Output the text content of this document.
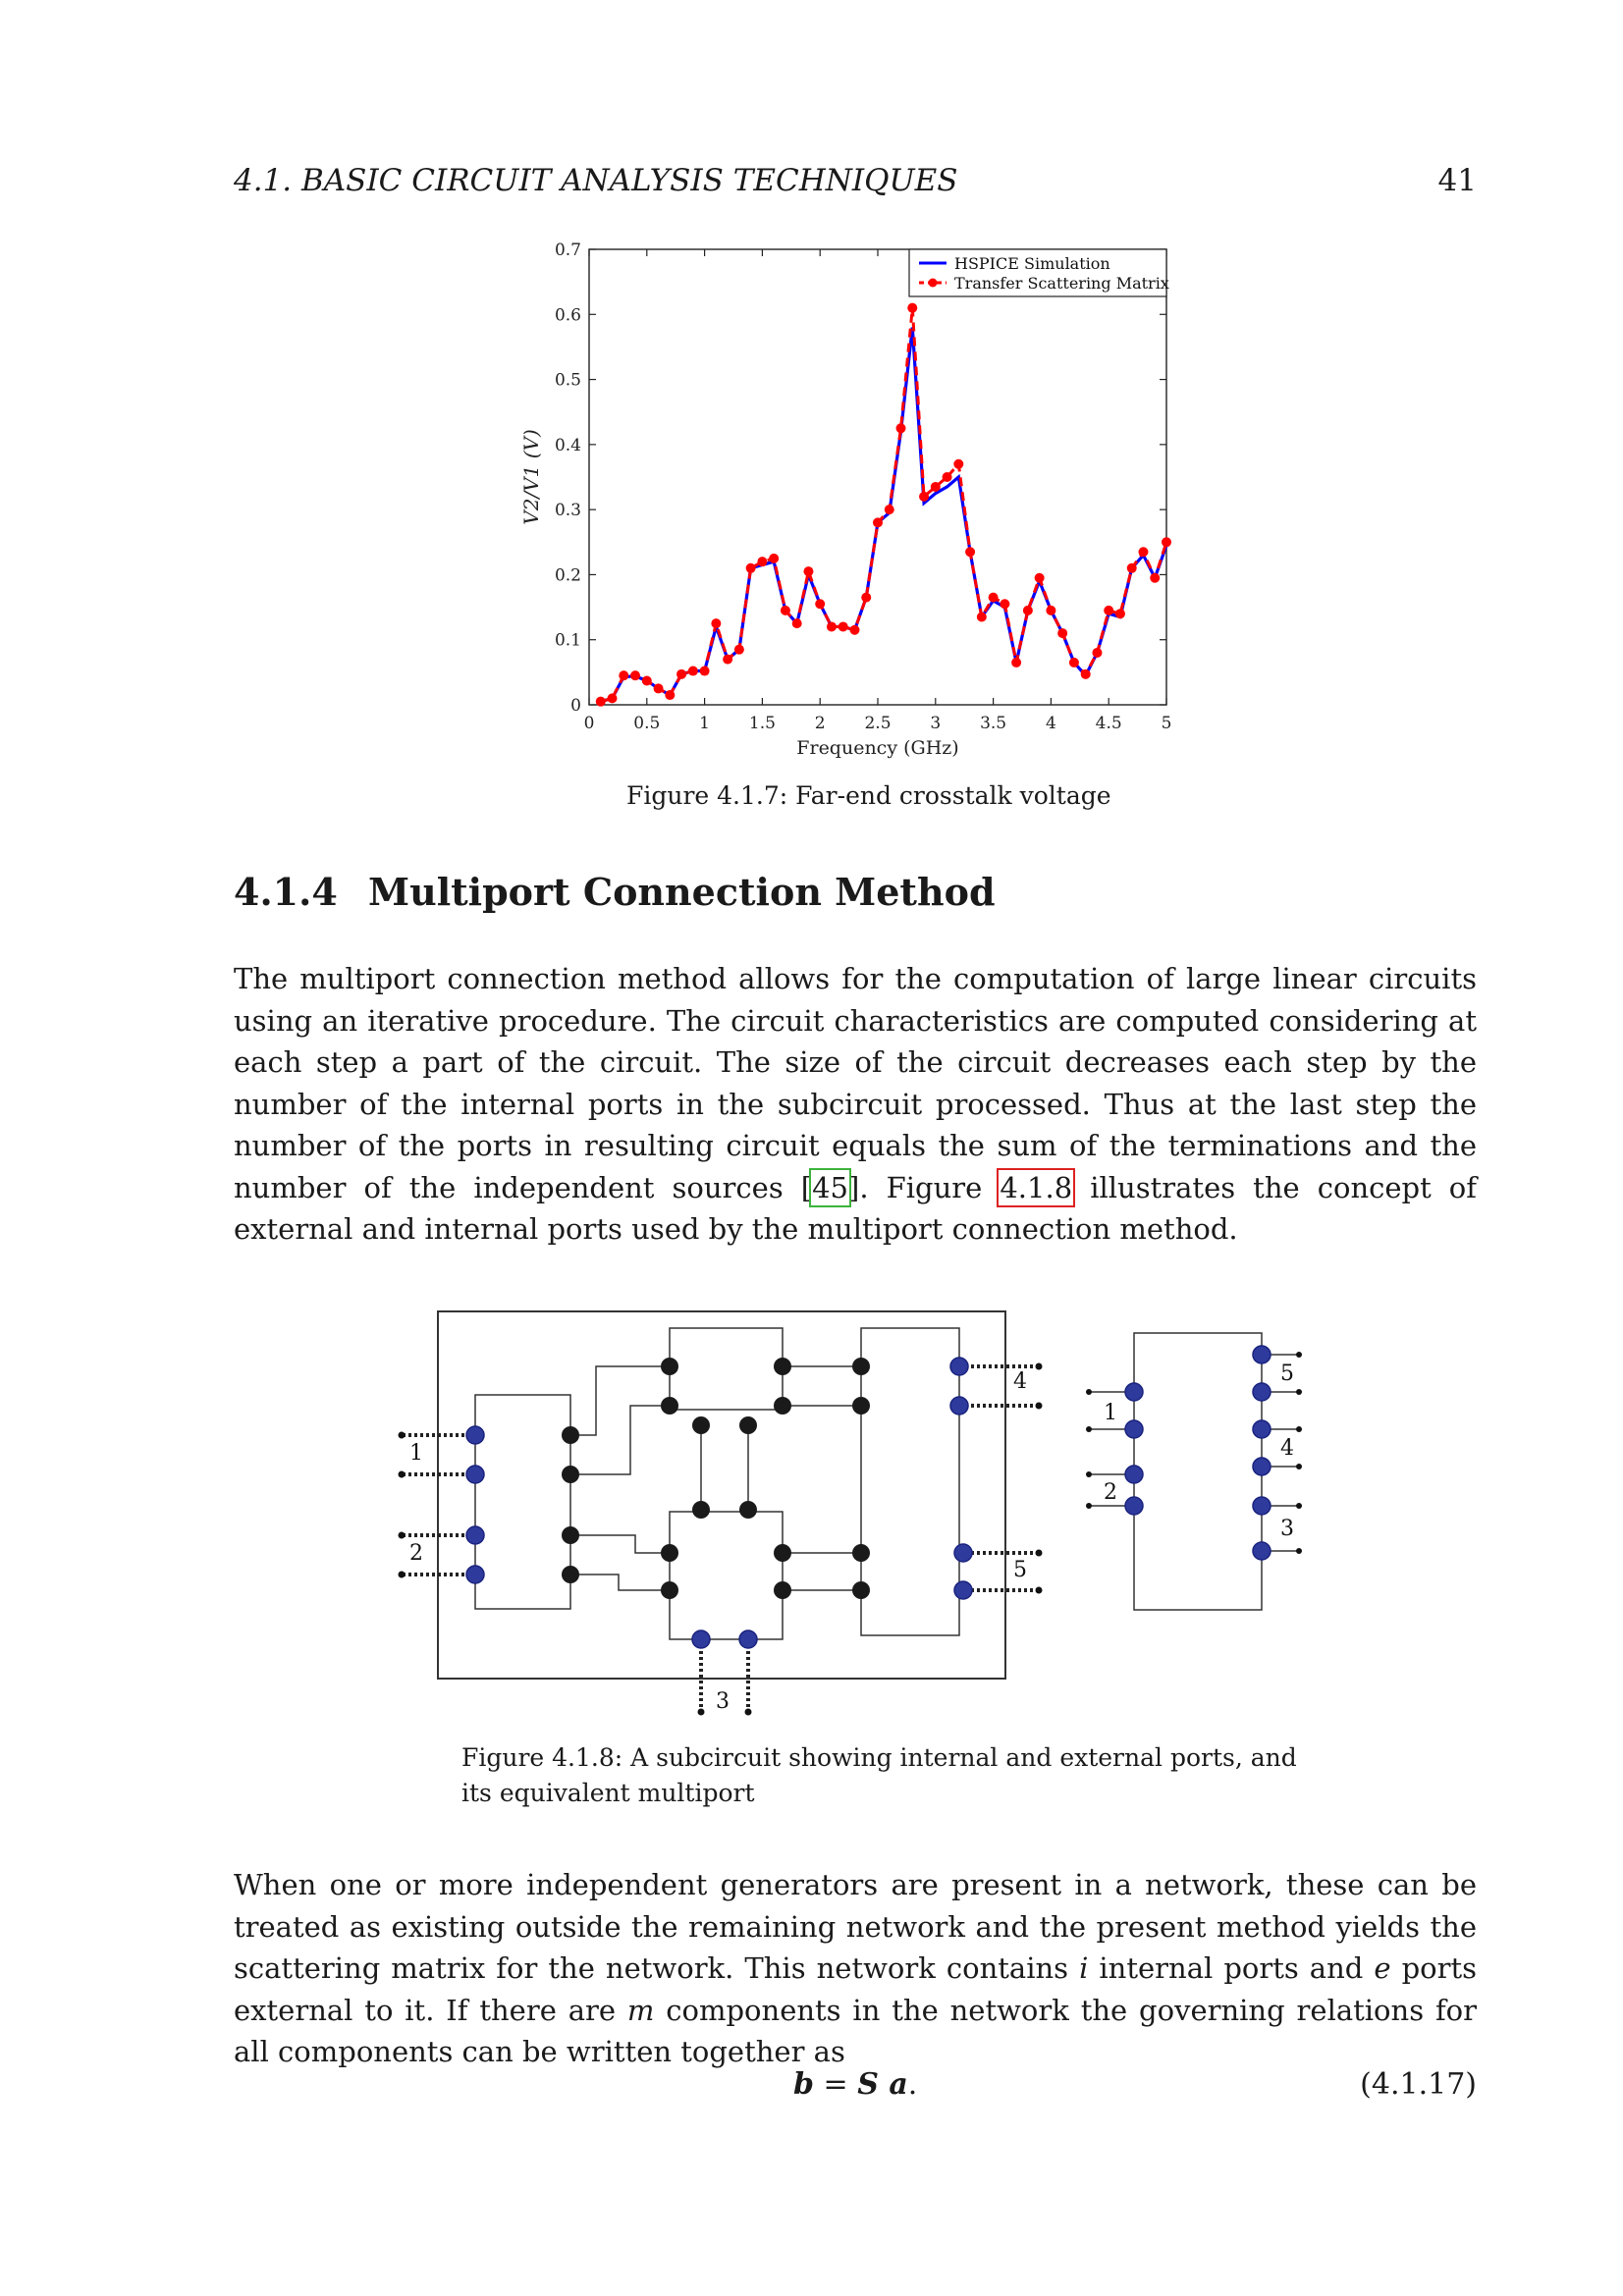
4.1. BASIC CIRCUIT ANALYSIS TECHNIQUES	41
0 0.5 1 1.5 2 2.5 3 3.5 4 4.5 5
0
0.1
0.2
0.3
0.4
0.5
0.6
0.7
Frequency (GHz)
V2/V1 (V)
HSPICE Simulation
Transfer Scattering Matrix
Figure 4.1.7: Far-end crosstalk voltage
4.1.4 Multiport Connection Method

The multiport connection method allows for the computation of large linear circuits using an iterative procedure. The circuit characteristics are computed considering at each step a part of the circuit. The size of the circuit decreases each step by the number of the internal ports in the subcircuit processed. Thus at the last step the number of the ports in resulting circuit equals the sum of the terminations and the number of the independent sources [45]. Figure 4.1.8 illustrates the concept of external and internal ports used by the multiport connection method.

1
2
3
4
5
1
2
3
4
5
Figure 4.1.8: A subcircuit showing internal and external ports, and
its equivalent multiport

When one or more independent generators are present in a network, these can be treated as existing outside the remaining network and the present method yields the scattering matrix for the network. This network contains i internal ports and e ports external to it. If there are m components in the network the governing relations for all components can be written together as

b = S a.	(4.1.17)
